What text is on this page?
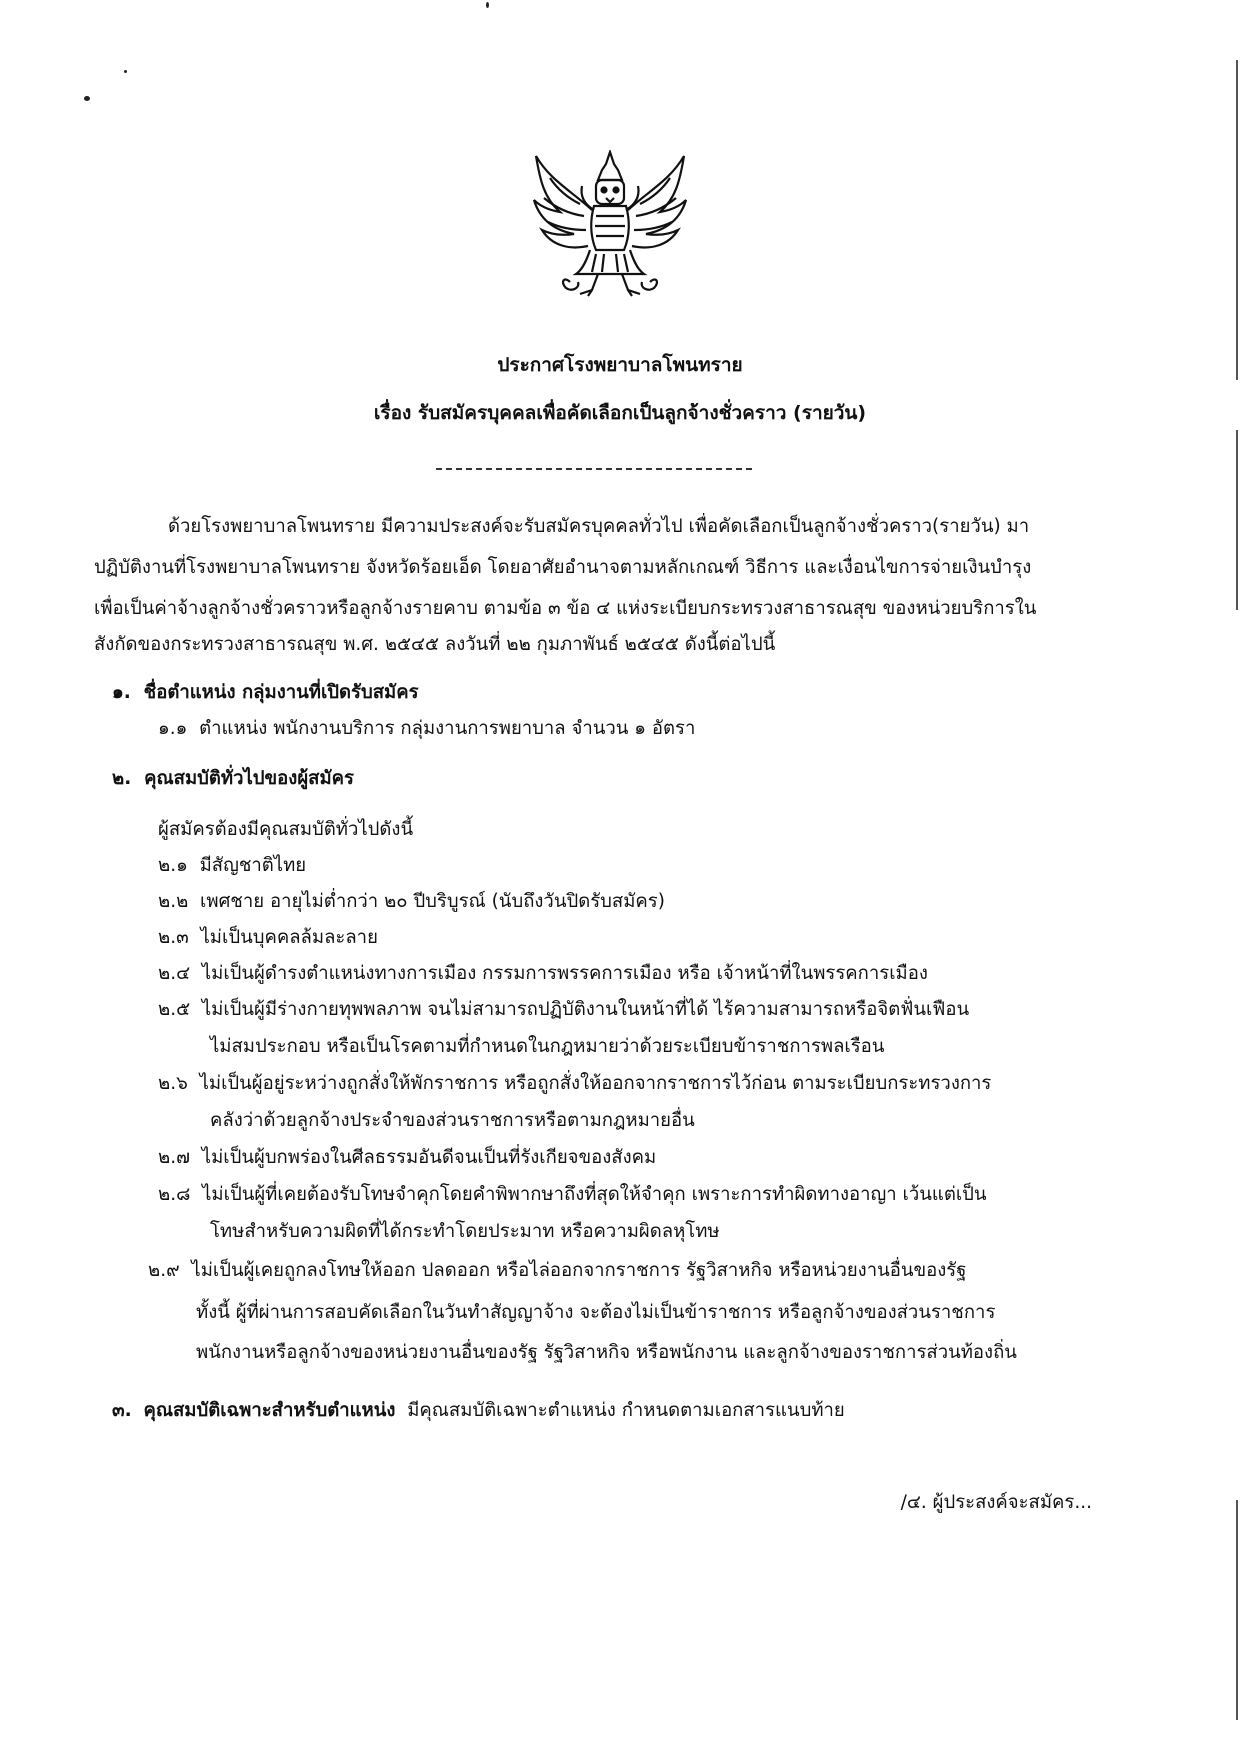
ประกาศโรงพยาบาลโพนทราย
เรื่อง รับสมัครบุคคลเพื่อคัดเลือกเป็นลูกจ้างชั่วคราว (รายวัน)
ด้วยโรงพยาบาลโพนทราย มีความประสงค์จะรับสมัครบุคคลทั่วไป เพื่อคัดเลือกเป็นลูกจ้างชั่วคราว(รายวัน) มา
ปฏิบัติงานที่โรงพยาบาลโพนทราย จังหวัดร้อยเอ็ด โดยอาศัยอำนาจตามหลักเกณฑ์ วิธีการ และเงื่อนไขการจ่ายเงินบำรุง
เพื่อเป็นค่าจ้างลูกจ้างชั่วคราวหรือลูกจ้างรายคาบ ตามข้อ ๓ ข้อ ๔ แห่งระเบียบกระทรวงสาธารณสุข ของหน่วยบริการใน
สังกัดของกระทรวงสาธารณสุข พ.ศ. ๒๕๔๕ ลงวันที่ ๒๒ กุมภาพันธ์ ๒๕๔๕ ดังนี้ต่อไปนี้
๑. ชื่อตำแหน่ง กลุ่มงานที่เปิดรับสมัคร
๑.๑ ตำแหน่ง พนักงานบริการ กลุ่มงานการพยาบาล จำนวน ๑ อัตรา
๒. คุณสมบัติทั่วไปของผู้สมัคร
ผู้สมัครต้องมีคุณสมบัติทั่วไปดังนี้
๒.๑ มีสัญชาติไทย
๒.๒ เพศชาย อายุไม่ต่ำกว่า ๒๐ ปีบริบูรณ์ (นับถึงวันปิดรับสมัคร)
๒.๓ ไม่เป็นบุคคลล้มละลาย
๒.๔ ไม่เป็นผู้ดำรงตำแหน่งทางการเมือง กรรมการพรรคการเมือง หรือ เจ้าหน้าที่ในพรรคการเมือง
๒.๕ ไม่เป็นผู้มีร่างกายทุพพลภาพ จนไม่สามารถปฏิบัติงานในหน้าที่ได้ ไร้ความสามารถหรือจิตฟั่นเฟือน
ไม่สมประกอบ หรือเป็นโรคตามที่กำหนดในกฎหมายว่าด้วยระเบียบข้าราชการพลเรือน
๒.๖ ไม่เป็นผู้อยู่ระหว่างถูกสั่งให้พักราชการ หรือถูกสั่งให้ออกจากราชการไว้ก่อน ตามระเบียบกระทรวงการ
คลังว่าด้วยลูกจ้างประจำของส่วนราชการหรือตามกฎหมายอื่น
๒.๗ ไม่เป็นผู้บกพร่องในศีลธรรมอันดีจนเป็นที่รังเกียจของสังคม
๒.๘ ไม่เป็นผู้ที่เคยต้องรับโทษจำคุกโดยคำพิพากษาถึงที่สุดให้จำคุก เพราะการทำผิดทางอาญา เว้นแต่เป็น
โทษสำหรับความผิดที่ได้กระทำโดยประมาท หรือความผิดลหุโทษ
๒.๙ ไม่เป็นผู้เคยถูกลงโทษให้ออก ปลดออก หรือไล่ออกจากราชการ รัฐวิสาหกิจ หรือหน่วยงานอื่นของรัฐ
ทั้งนี้ ผู้ที่ผ่านการสอบคัดเลือกในวันทำสัญญาจ้าง จะต้องไม่เป็นข้าราชการ หรือลูกจ้างของส่วนราชการ
พนักงานหรือลูกจ้างของหน่วยงานอื่นของรัฐ รัฐวิสาหกิจ หรือพนักงาน และลูกจ้างของราชการส่วนท้องถิ่น
๓. คุณสมบัติเฉพาะสำหรับตำแหน่ง มีคุณสมบัติเฉพาะตำแหน่ง กำหนดตามเอกสารแนบท้าย
/๔. ผู้ประสงค์จะสมัคร...
